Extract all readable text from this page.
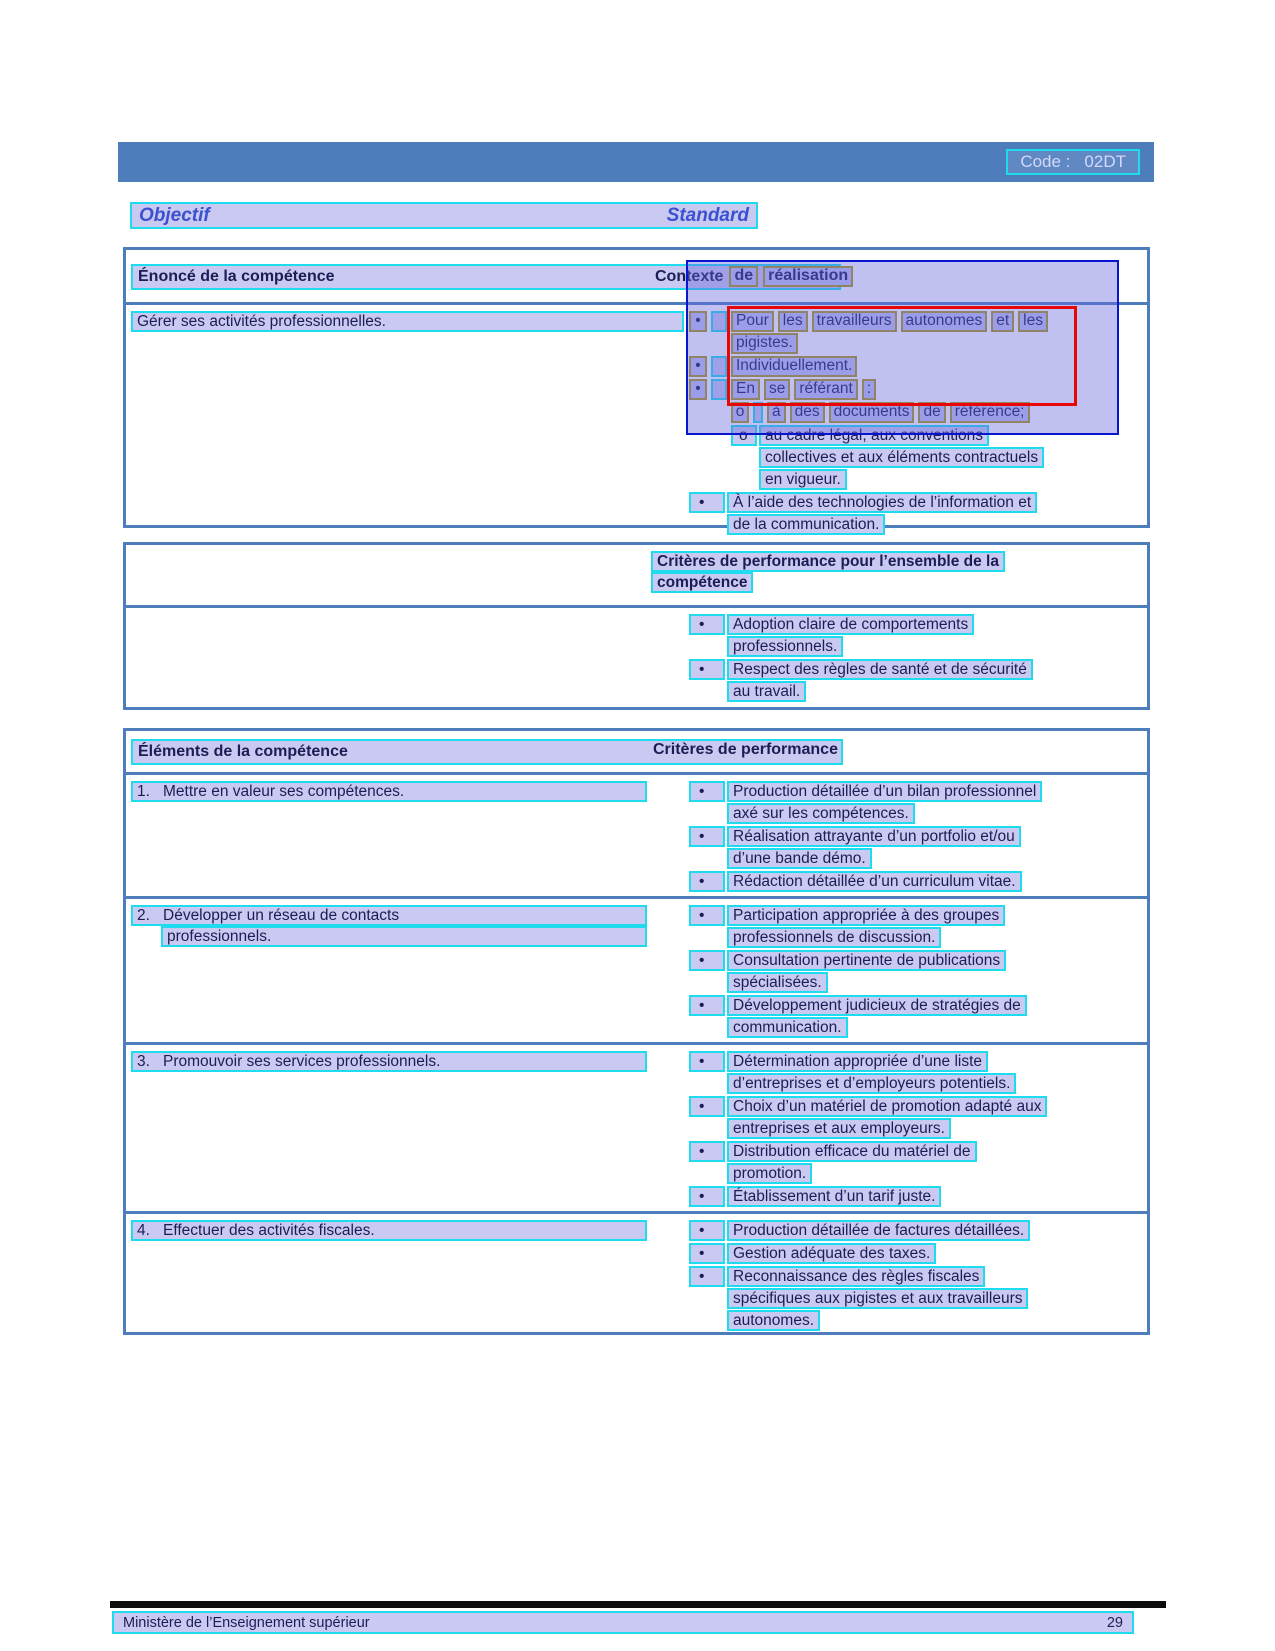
Code : 02DT
Objectif	Standard
Énoncé de la compétence	Contexte de réalisation
Gérer ses activités professionnelles.	•	Pour les travailleurs autonomes et les
pigistes.
•	Individuellement.
•	En se référant :
o	à des documents de référence;
o	au cadre légal, aux conventions
collectives et aux éléments contractuels
en vigueur.
•	À l’aide des technologies de l’information et
de la communication.
Critères de performance pour l’ensemble de la
compétence
•	Adoption claire de comportements
professionnels.
•	Respect des règles de santé et de sécurité
au travail.
Éléments de la compétence	Critères de performance
1. Mettre en valeur ses compétences.	•	Production détaillée d’un bilan professionnel
axé sur les compétences.
•	Réalisation attrayante d’un portfolio et/ou
d’une bande démo.
•	Rédaction détaillée d’un curriculum vitae.
2. Développer un réseau de contacts
professionnels.
•	Participation appropriée à des groupes
professionnels de discussion.
•	Consultation pertinente de publications
spécialisées.
•	Développement judicieux de stratégies de
communication.
3. Promouvoir ses services professionnels.	•	Détermination appropriée d’une liste
d’entreprises et d’employeurs potentiels.
•	Choix d’un matériel de promotion adapté aux
entreprises et aux employeurs.
•	Distribution efficace du matériel de
promotion.
•	Établissement d’un tarif juste.
4. Effectuer des activités fiscales.	•	Production détaillée de factures détaillées.
•	Gestion adéquate des taxes.
•	Reconnaissance des règles fiscales
spécifiques aux pigistes et aux travailleurs
autonomes.
Ministère de l’Enseignement supérieur	29
